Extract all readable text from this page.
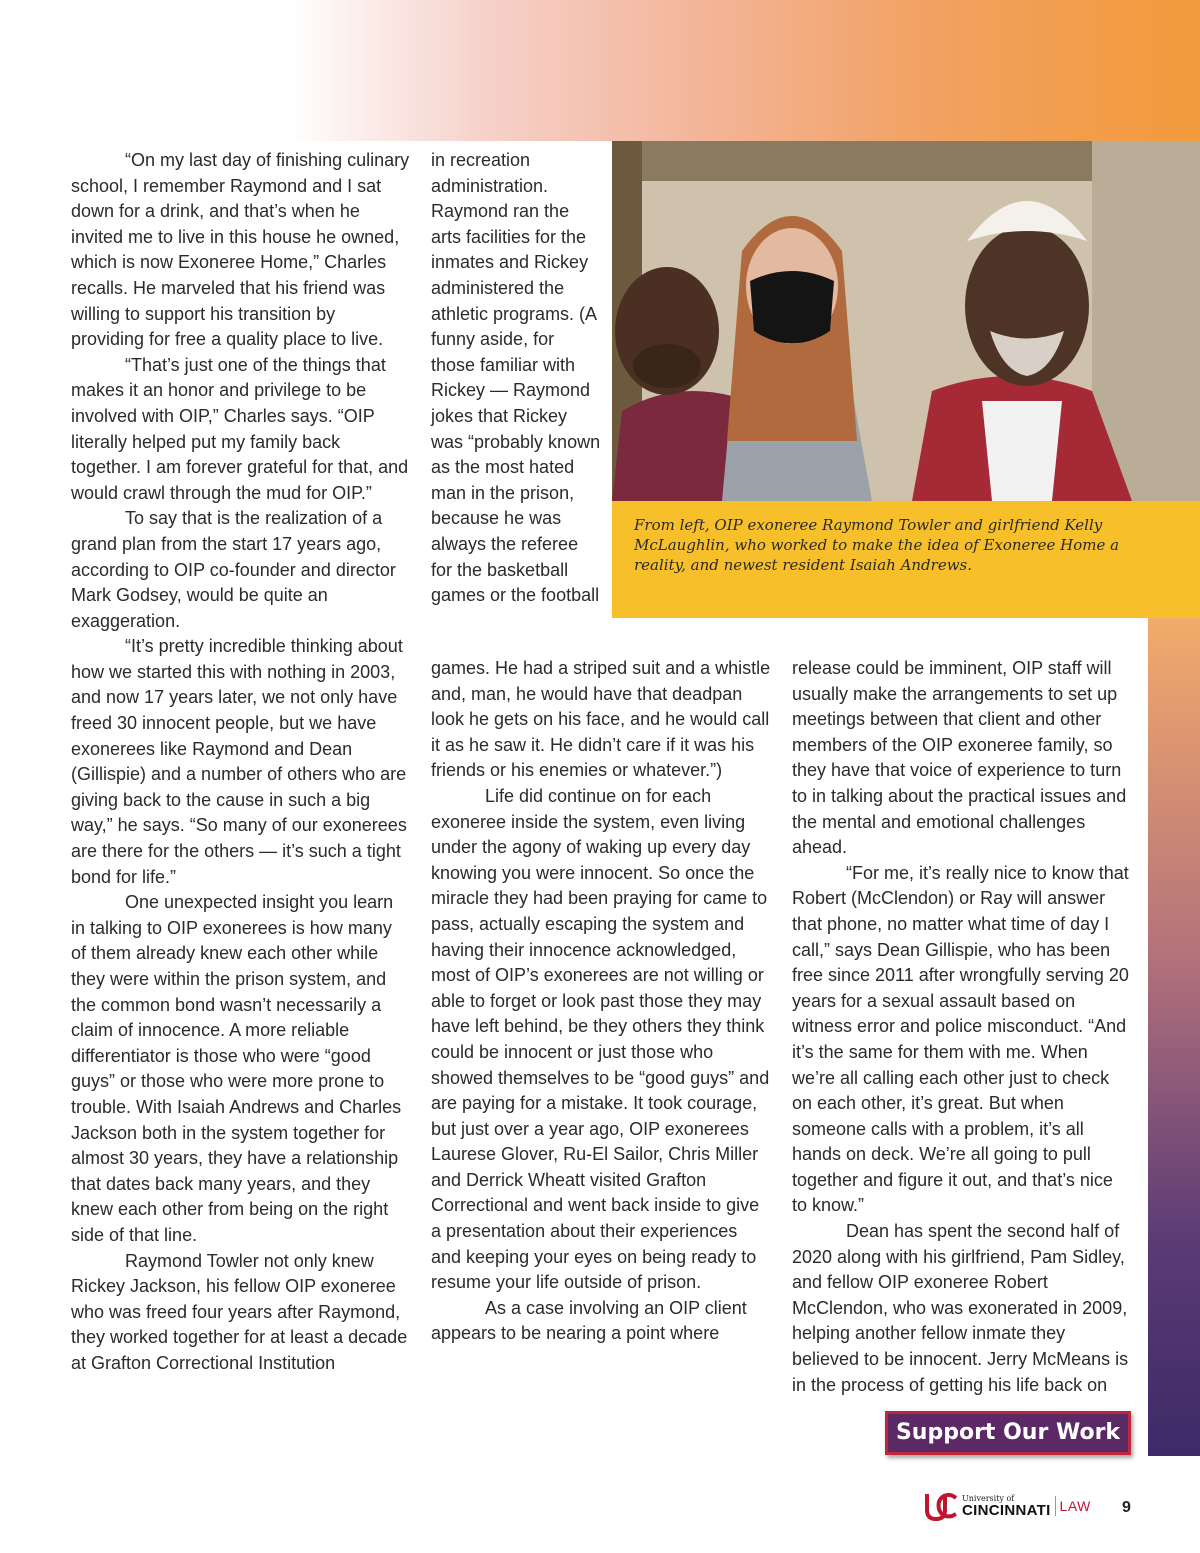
From left, OIP exoneree Raymond Towler and girlfriend Kelly McLaughlin, who worked to make the idea of Exoneree Home a reality, and newest resident Isaiah Andrews.

“On my last day of finishing culinary school, I remember Raymond and I sat down for a drink, and that’s when he invited me to live in this house he owned, which is now Exoneree Home,” Charles recalls. He marveled that his friend was willing to support his transition by providing for free a quality place to live.

“That’s just one of the things that makes it an honor and privilege to be involved with OIP,” Charles says. “OIP literally helped put my family back together. I am forever grateful for that, and would crawl through the mud for OIP.”

To say that is the realization of a grand plan from the start 17 years ago, according to OIP co-founder and director Mark Godsey, would be quite an exaggeration.

“It’s pretty incredible thinking about how we started this with nothing in 2003, and now 17 years later, we not only have freed 30 innocent people, but we have exonerees like Raymond and Dean (Gillispie) and a number of others who are giving back to the cause in such a big way,” he says. “So many of our exonerees are there for the others — it’s such a tight bond for life.”

One unexpected insight you learn in talking to OIP exonerees is how many of them already knew each other while they were within the prison system, and the common bond wasn’t necessarily a claim of innocence. A more reliable differentiator is those who were “good guys” or those who were more prone to trouble. With Isaiah Andrews and Charles Jackson both in the system together for almost 30 years, they have a relationship that dates back many years, and they knew each other from being on the right side of that line.

Raymond Towler not only knew Rickey Jackson, his fellow OIP exoneree who was freed four years after Raymond, they worked together for at least a decade at Grafton Correctional Institution

in recreation administration. Raymond ran the arts facilities for the inmates and Rickey administered the athletic programs. (A funny aside, for those familiar with Rickey — Raymond jokes that Rickey was “probably known as the most hated man in the prison, because he was always the referee for the basketball games or the football

games. He had a striped suit and a whistle and, man, he would have that deadpan look he gets on his face, and he would call it as he saw it. He didn’t care if it was his friends or his enemies or whatever.”)

Life did continue on for each exoneree inside the system, even living under the agony of waking up every day knowing you were innocent. So once the miracle they had been praying for came to pass, actually escaping the system and having their innocence acknowledged, most of OIP’s exonerees are not willing or able to forget or look past those they may have left behind, be they others they think could be innocent or just those who showed themselves to be “good guys” and are paying for a mistake. It took courage, but just over a year ago, OIP exonerees Laurese Glover, Ru-El Sailor, Chris Miller and Derrick Wheatt visited Grafton Correctional and went back inside to give a presentation about their experiences and keeping your eyes on being ready to resume your life outside of prison.

As a case involving an OIP client appears to be nearing a point where

release could be imminent, OIP staff will usually make the arrangements to set up meetings between that client and other members of the OIP exoneree family, so they have that voice of experience to turn to in talking about the practical issues and the mental and emotional challenges ahead.

“For me, it’s really nice to know that Robert (McClendon) or Ray will answer that phone, no matter what time of day I call,” says Dean Gillispie, who has been free since 2011 after wrongfully serving 20 years for a sexual assault based on witness error and police misconduct. “And it’s the same for them with me. When we’re all calling each other just to check on each other, it’s great. But when someone calls with a problem, it’s all hands on deck. We’re all going to pull together and figure it out, and that’s nice to know.”

Dean has spent the second half of 2020 along with his girlfriend, Pam Sidley, and fellow OIP exoneree Robert McClendon, who was exonerated in 2009, helping another fellow inmate they believed to be innocent. Jerry McMeans is in the process of getting his life back on

Support Our Work
University of
CINCINNATI LAW 9
